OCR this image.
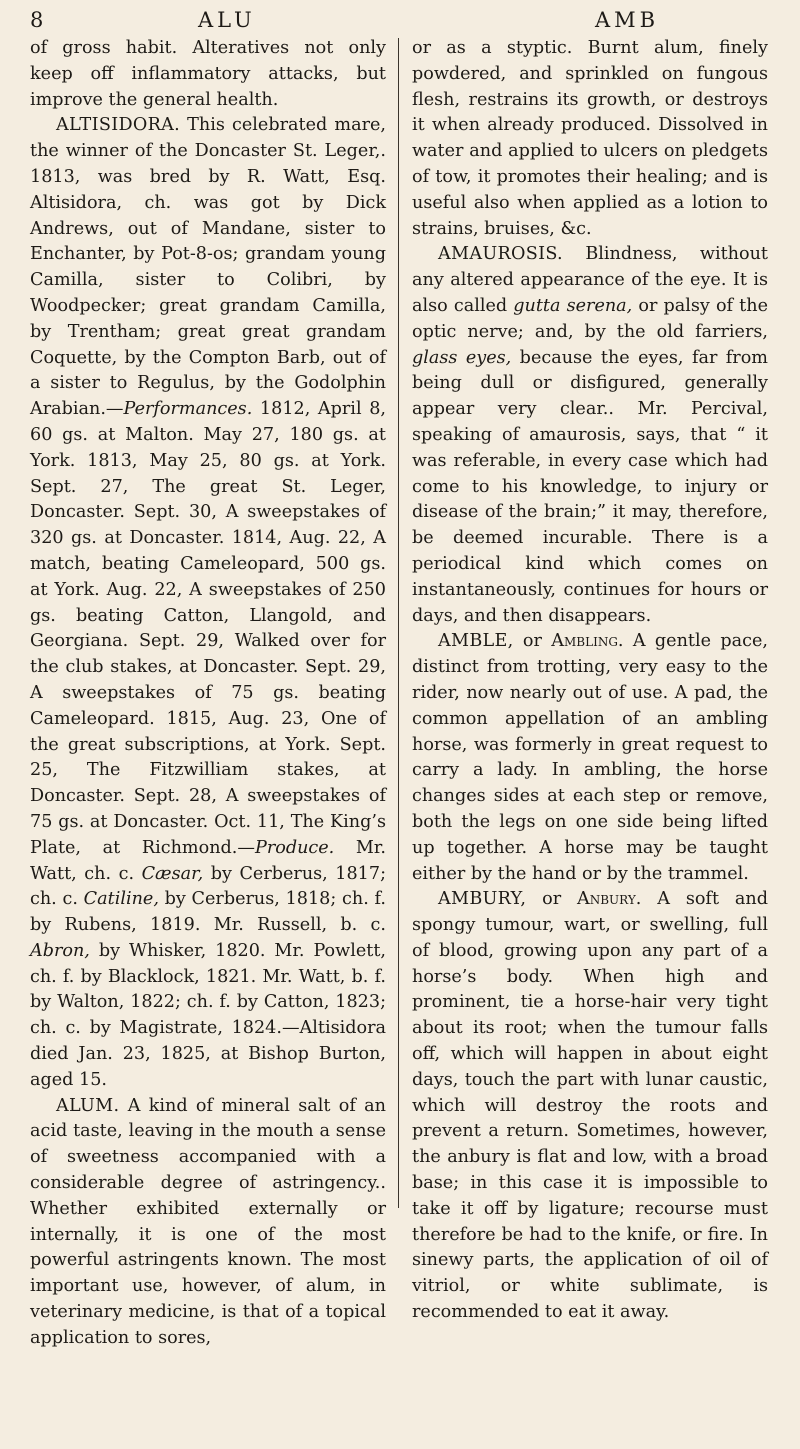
8	ALU	AMB

of gross habit. Alteratives not only keep off inflammatory attacks, but improve the general health.

ALTISIDORA. This celebrated mare, the winner of the Doncaster St. Leger,. 1813, was bred by R. Watt, Esq. Altisidora, ch. was got by Dick Andrews, out of Mandane, sister to Enchanter, by Pot-8-os; grandam young Camilla, sister to Colibri, by Woodpecker; great grandam Camilla, by Trentham; great great grandam Coquette, by the Compton Barb, out of a sister to Regulus, by the Godolphin Arabian.—Performances. 1812, April 8, 60 gs. at Malton. May 27, 180 gs. at York. 1813, May 25, 80 gs. at York. Sept. 27, The great St. Leger, Doncaster. Sept. 30, A sweepstakes of 320 gs. at Doncaster. 1814, Aug. 22, A match, beating Cameleopard, 500 gs. at York. Aug. 22, A sweepstakes of 250 gs. beating Catton, Llangold, and Georgiana. Sept. 29, Walked over for the club stakes, at Doncaster. Sept. 29, A sweepstakes of 75 gs. beating Cameleopard. 1815, Aug. 23, One of the great subscriptions, at York. Sept. 25, The Fitzwilliam stakes, at Doncaster. Sept. 28, A sweepstakes of 75 gs. at Doncaster. Oct. 11, The King’s Plate, at Richmond.—Produce. Mr. Watt, ch. c. Cæsar, by Cerberus, 1817; ch. c. Catiline, by Cerberus, 1818; ch. f. by Rubens, 1819. Mr. Russell, b. c. Abron, by Whisker, 1820. Mr. Powlett, ch. f. by Blacklock, 1821. Mr. Watt, b. f. by Walton, 1822; ch. f. by Catton, 1823; ch. c. by Magistrate, 1824.—Altisidora died Jan. 23, 1825, at Bishop Burton, aged 15.

ALUM. A kind of mineral salt of an acid taste, leaving in the mouth a sense of sweetness accompanied with a considerable degree of astringency.. Whether exhibited externally or internally, it is one of the most powerful astringents known. The most important use, however, of alum, in veterinary medicine, is that of a topical application to sores,

or as a styptic. Burnt alum, finely powdered, and sprinkled on fungous flesh, restrains its growth, or destroys it when already produced. Dissolved in water and applied to ulcers on pledgets of tow, it promotes their healing; and is useful also when applied as a lotion to strains, bruises, &c.

AMAUROSIS. Blindness, without any altered appearance of the eye. It is also called gutta serena, or palsy of the optic nerve; and, by the old farriers, glass eyes, because the eyes, far from being dull or disfigured, generally appear very clear.. Mr. Percival, speaking of amaurosis, says, that “ it was referable, in every case which had come to his knowledge, to injury or disease of the brain;” it may, therefore, be deemed incurable. There is a periodical kind which comes on instantaneously, continues for hours or days, and then disappears.

AMBLE, or Ambling. A gentle pace, distinct from trotting, very easy to the rider, now nearly out of use. A pad, the common appellation of an ambling horse, was formerly in great request to carry a lady. In ambling, the horse changes sides at each step or remove, both the legs on one side being lifted up together. A horse may be taught either by the hand or by the trammel.

AMBURY, or Anbury. A soft and spongy tumour, wart, or swelling, full of blood, growing upon any part of a horse’s body. When high and prominent, tie a horse-hair very tight about its root; when the tumour falls off, which will happen in about eight days, touch the part with lunar caustic, which will destroy the roots and prevent a return. Sometimes, however, the anbury is flat and low, with a broad base; in this case it is impossible to take it off by ligature; recourse must therefore be had to the knife, or fire. In sinewy parts, the application of oil of vitriol, or white sublimate, is recommended to eat it away.
